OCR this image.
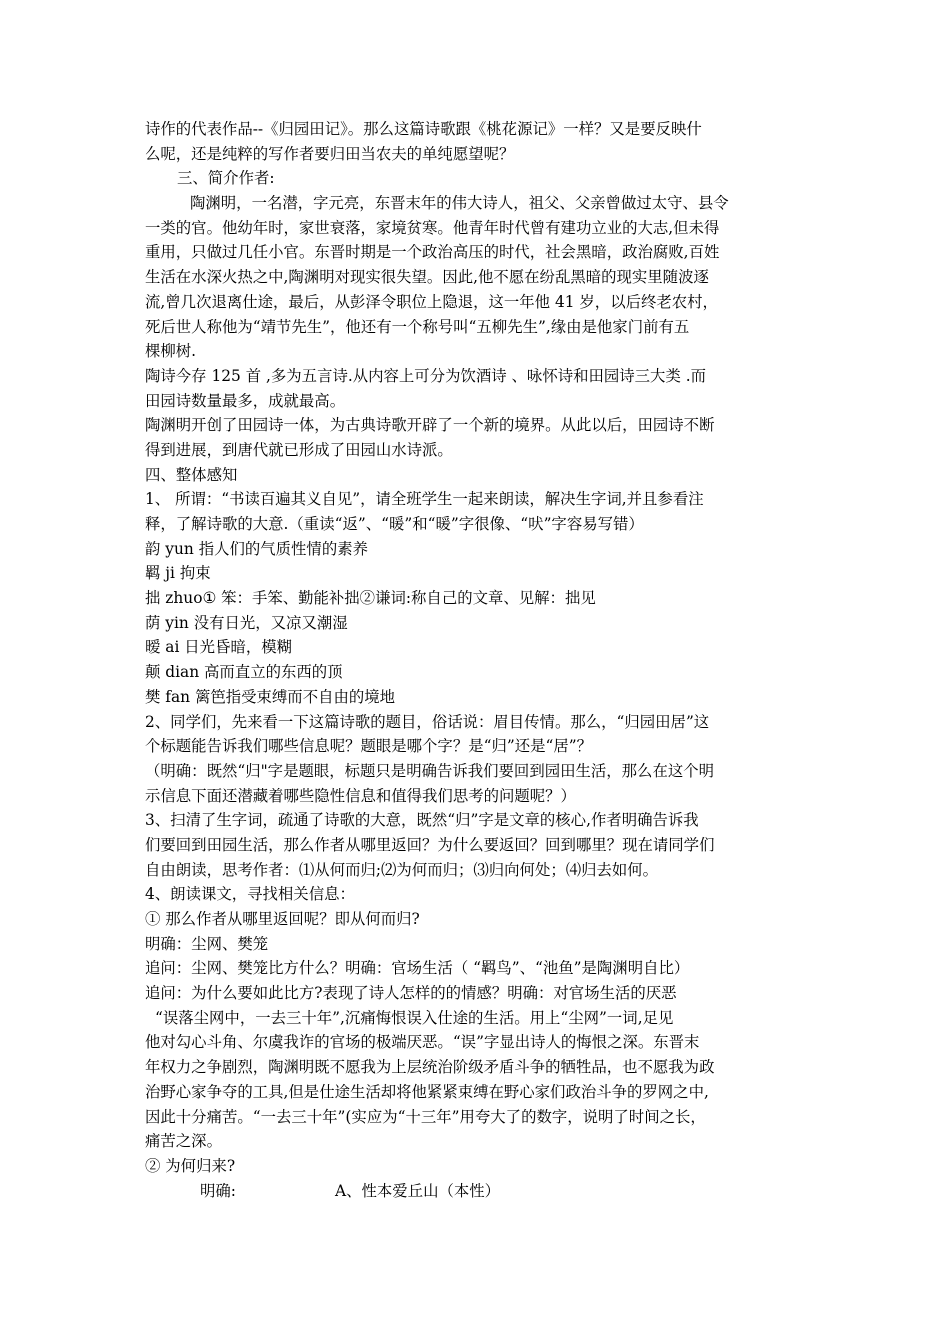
诗作的代表作品--《归园田记》。那么这篇诗歌跟《桃花源记》一样？又是要反映什
么呢，还是纯粹的写作者要归田当农夫的单纯愿望呢？
三、简介作者:
陶渊明，一名潜，字元亮，东晋末年的伟大诗人，祖父、父亲曾做过太守、县令
一类的官。他幼年时，家世衰落，家境贫寒。他青年时代曾有建功立业的大志,但未得
重用，只做过几任小官。东晋时期是一个政治高压的时代，社会黑暗，政治腐败,百姓
生活在水深火热之中,陶渊明对现实很失望。因此,他不愿在纷乱黑暗的现实里随波逐
流,曾几次退离仕途，最后，从彭泽令职位上隐退，这一年他 41 岁，以后终老农村，
死后世人称他为“靖节先生”，他还有一个称号叫“五柳先生”,缘由是他家门前有五
棵柳树.
陶诗今存 125 首 ,多为五言诗.从内容上可分为饮酒诗 、咏怀诗和田园诗三大类 .而
田园诗数量最多，成就最高。
陶渊明开创了田园诗一体，为古典诗歌开辟了一个新的境界。从此以后，田园诗不断
得到进展，到唐代就已形成了田园山水诗派。
四、整体感知
1、 所谓：“书读百遍其义自见”，请全班学生一起来朗读，解决生字词,并且参看注
释，了解诗歌的大意.（重读“返”、“暖”和“暖”字很像、“吠”字容易写错）
韵 yun 指人们的气质性情的素养
羁 ji 拘束
拙 zhuo① 笨：手笨、勤能补拙②谦词:称自己的文章、见解：拙见
荫 yin 没有日光，又凉又潮湿
暧 ai 日光昏暗，模糊
颠 dian 高而直立的东西的顶
樊 fan 篱笆指受束缚而不自由的境地
2、同学们，先来看一下这篇诗歌的题目，俗话说：眉目传情。那么，“归园田居”这
个标题能告诉我们哪些信息呢？题眼是哪个字？是“归”还是“居”？
（明确：既然“归"字是题眼，标题只是明确告诉我们要回到园田生活，那么在这个明
示信息下面还潜藏着哪些隐性信息和值得我们思考的问题呢？）
3、扫清了生字词，疏通了诗歌的大意，既然“归”字是文章的核心,作者明确告诉我
们要回到田园生活，那么作者从哪里返回？为什么要返回？回到哪里？现在请同学们
自由朗读，思考作者：⑴从何而归;⑵为何而归；⑶归向何处；⑷归去如何。
4、朗读课文，寻找相关信息：
① 那么作者从哪里返回呢？即从何而归?
明确：尘网、樊笼
追问：尘网、樊笼比方什么？明确：官场生活（ “羁鸟”、“池鱼”是陶渊明自比）
追问：为什么要如此比方?表现了诗人怎样的的情感？明确：对官场生活的厌恶
“误落尘网中，一去三十年”,沉痛悔恨误入仕途的生活。用上“尘网”一词,足见
他对勾心斗角、尔虞我诈的官场的极端厌恶。“误”字显出诗人的悔恨之深。东晋末
年权力之争剧烈，陶渊明既不愿我为上层统治阶级矛盾斗争的牺牲品，也不愿我为政
治野心家争夺的工具,但是仕途生活却将他紧紧束缚在野心家们政治斗争的罗网之中,
因此十分痛苦。“一去三十年”(实应为“十三年”用夸大了的数字，说明了时间之长，
痛苦之深。
② 为何归来?
明确:	A、性本爱丘山（本性）
